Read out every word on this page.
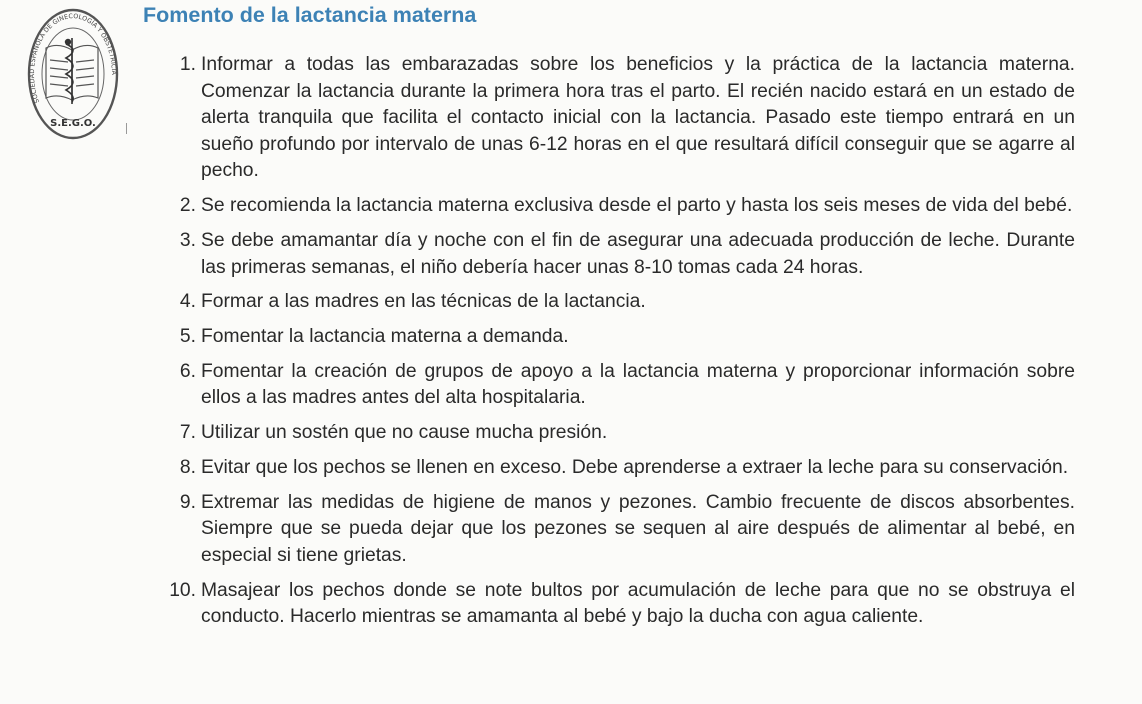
SOCIEDAD ESPAÑOLA DE GINECOLOGÍA Y OBSTETRICIA
S.E.G.O.
Fomento de la lactancia materna
1. Informar a todas las embarazadas sobre los beneficios y la práctica de la lactancia materna. Comenzar la lactancia durante la primera hora tras el parto. El recién nacido estará en un estado de alerta tranquila que facilita el contacto inicial con la lactancia. Pasado este tiempo entrará en un sueño profundo por intervalo de unas 6-12 horas en el que resultará difícil conseguir que se agarre al pecho.
2. Se recomienda la lactancia materna exclusiva desde el parto y hasta los seis meses de vida del bebé.
3. Se debe amamantar día y noche con el fin de asegurar una adecuada producción de leche. Durante las primeras semanas, el niño debería hacer unas 8-10 tomas cada 24 horas.
4. Formar a las madres en las técnicas de la lactancia.
5. Fomentar la lactancia materna a demanda.
6. Fomentar la creación de grupos de apoyo a la lactancia materna y proporcionar información sobre ellos a las madres antes del alta hospitalaria.
7. Utilizar un sostén que no cause mucha presión.
8. Evitar que los pechos se llenen en exceso. Debe aprenderse a extraer la leche para su conservación.
9. Extremar las medidas de higiene de manos y pezones. Cambio frecuente de discos absorbentes. Siempre que se pueda dejar que los pezones se sequen al aire después de alimentar al bebé, en especial si tiene grietas.
10. Masajear los pechos donde se note bultos por acumulación de leche para que no se obstruya el conducto. Hacerlo mientras se amamanta al bebé y bajo la ducha con agua caliente.
